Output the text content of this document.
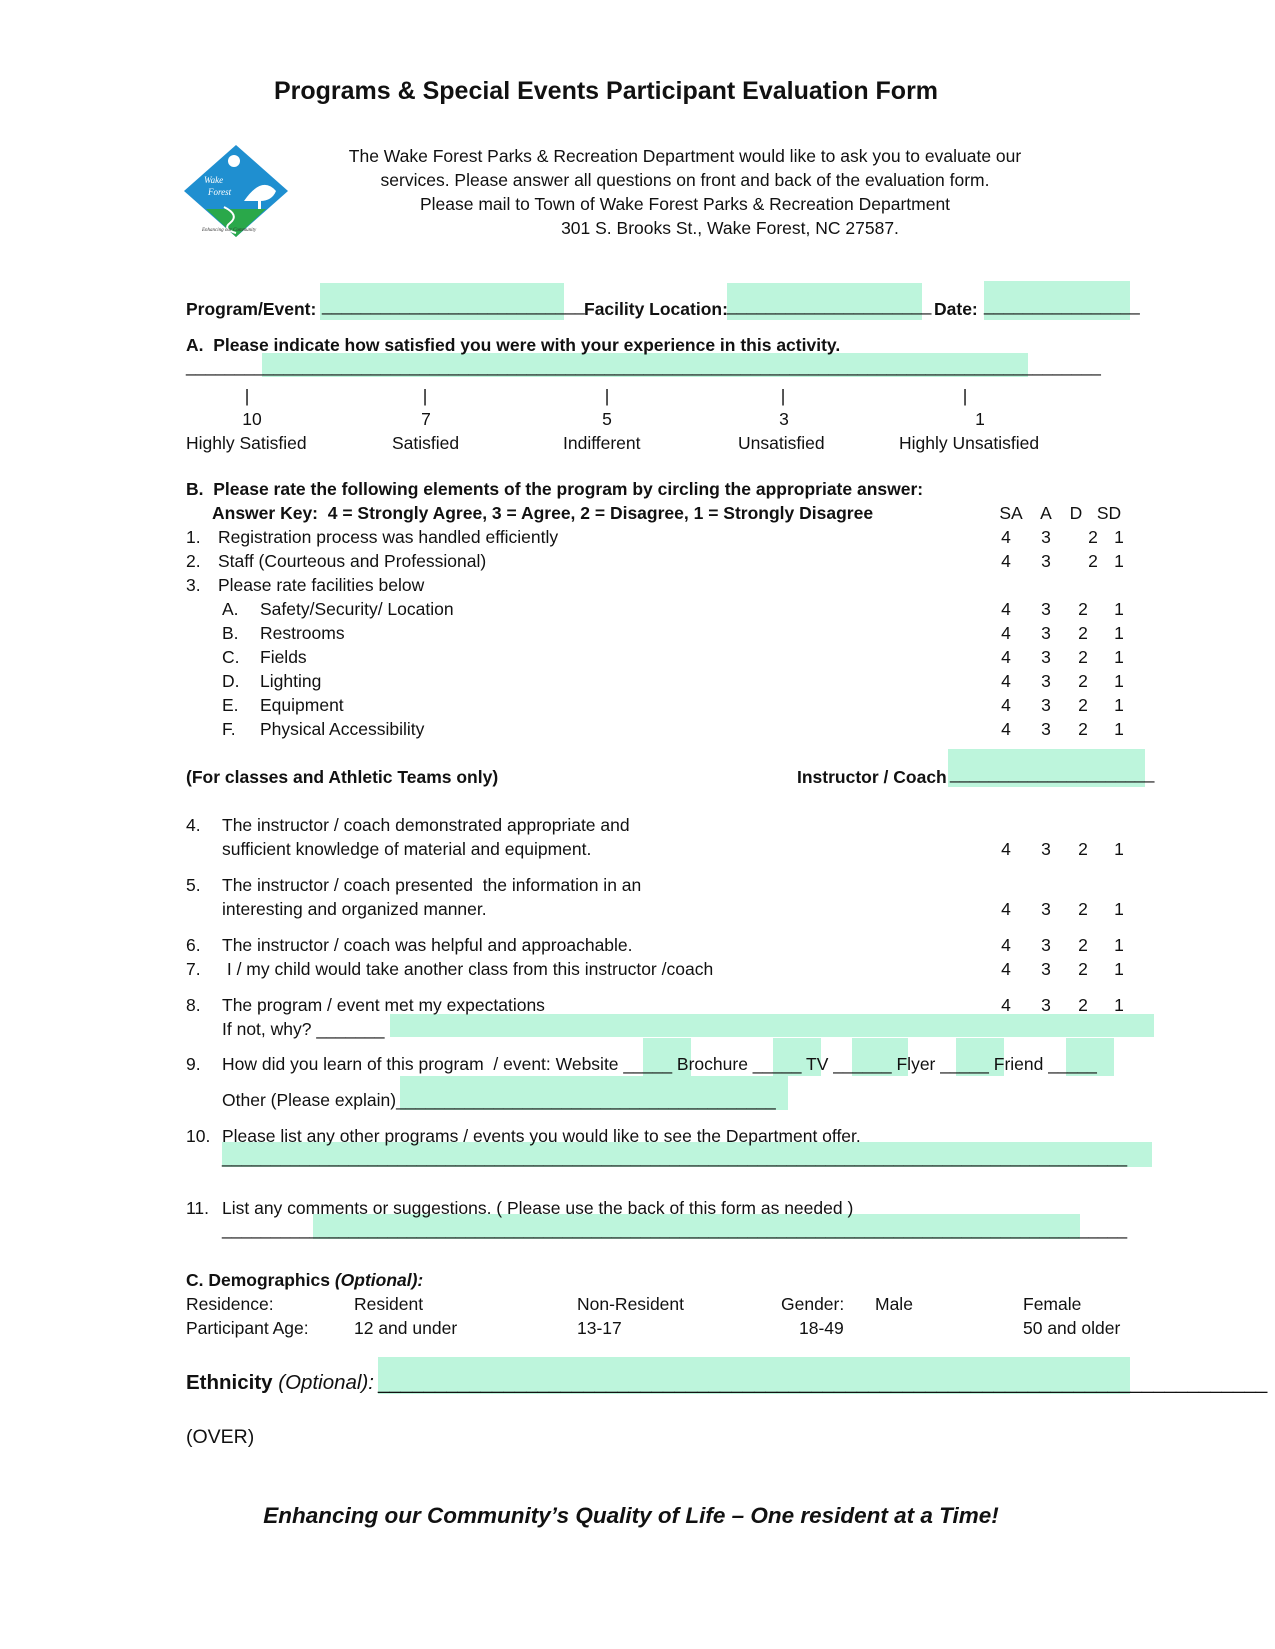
Programs & Special Events Participant Evaluation Form
Wake
Forest
Enhancing our Community
The Wake Forest Parks & Recreation Department would like to ask you to evaluate our
services. Please answer all questions on front and back of the evaluation form.
Please mail to Town of Wake Forest Parks & Recreation Department
301 S. Brooks St., Wake Forest, NC 27587.
Program/Event: ___________________________ Facility Location: _____________________ Date: ________________
A.  Please indicate how satisfied you were with your experience in this activity.
______________________________________________________________________________________________
|	|	|	|	|
10	7	5	3	1
Highly Satisfied	Satisfied	Indifferent	Unsatisfied	Highly Unsatisfied
B.  Please rate the following elements of the program by circling the appropriate answer:
Answer Key:  4 = Strongly Agree, 3 = Agree, 2 = Disagree, 1 = Strongly Disagree	SA A D SD
1. Registration process was handled efficiently	4 3 2 1
2. Staff (Courteous and Professional)	4 3 2 1
3. Please rate facilities below
A. Safety/Security/ Location	4 3 2 1
B. Restrooms	4 3 2 1
C. Fields	4 3 2 1
D. Lighting	4 3 2 1
E. Equipment	4 3 2 1
F. Physical Accessibility	4 3 2 1
(For classes and Athletic Teams only)	Instructor / Coach _____________________
4. The instructor / coach demonstrated appropriate and
sufficient knowledge of material and equipment.	4 3 2 1
5. The instructor / coach presented  the information in an
interesting and organized manner.	4 3 2 1
6. The instructor / coach was helpful and approachable.	4 3 2 1
7. I / my child would take another class from this instructor /coach	4 3 2 1
8. The program / event met my expectations	4 3 2 1
If not, why? _______
9. How did you learn of this program  / event: Website _____ Brochure _____ TV ______ Flyer _____ Friend _____
Other (Please explain)_______________________________________
10. Please list any other programs / events you would like to see the Department offer.
_____________________________________________________________________________________________
11. List any comments or suggestions. ( Please use the back of this form as needed )
_____________________________________________________________________________________________
C. Demographics (Optional):
Residence:	Resident	Non-Resident	Gender: Male	Female
Participant Age:	12 and under	13-17	18-49	50 and older
Ethnicity (Optional): ______________________________________________________________________________
(OVER)
Enhancing our Community’s Quality of Life – One resident at a Time!
